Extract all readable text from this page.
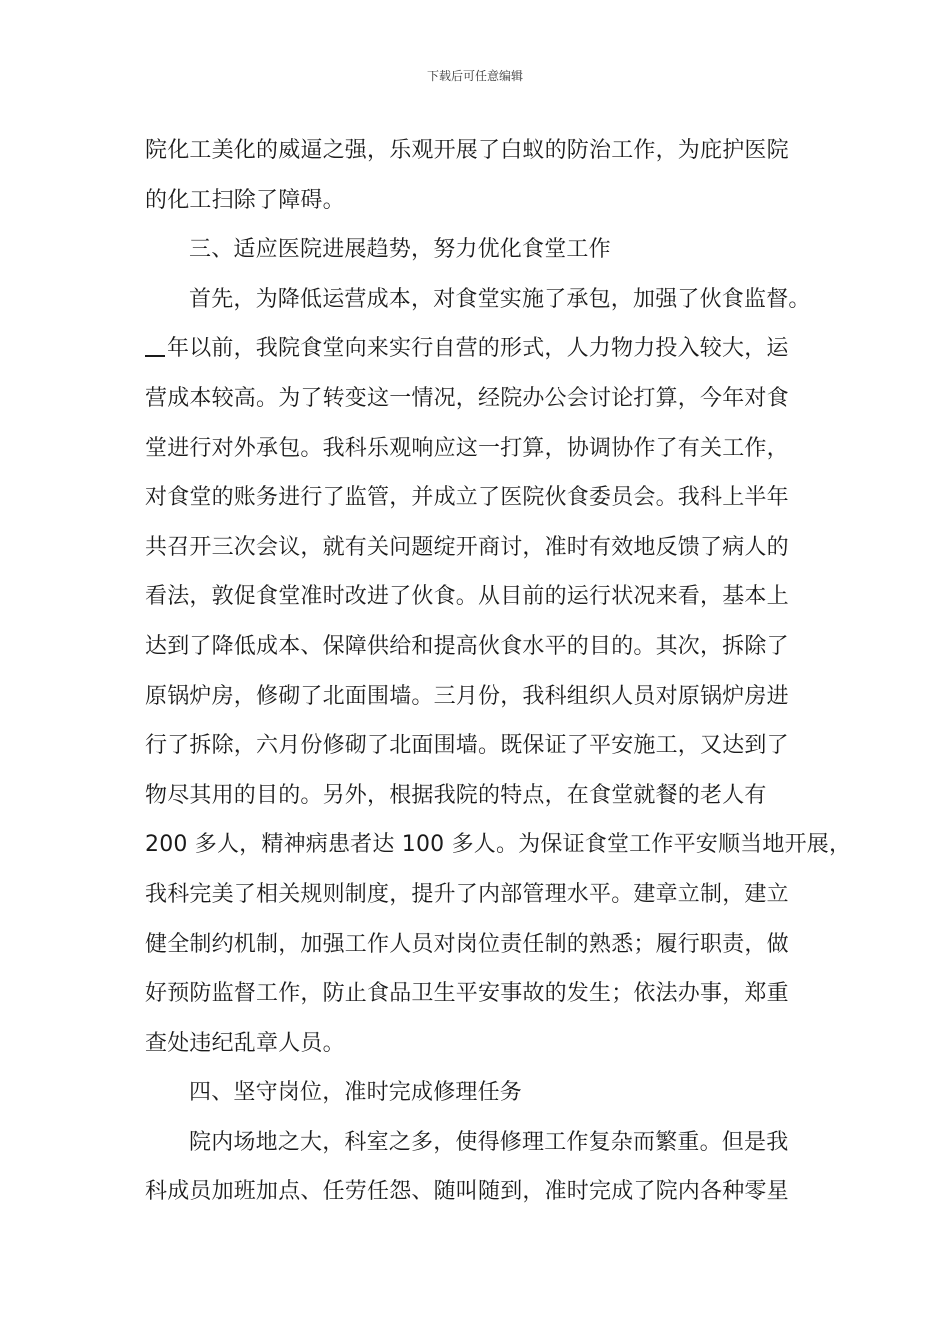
下载后可任意编辑
院化工美化的威逼之强，乐观开展了白蚁的防治工作，为庇护医院
的化工扫除了障碍。
三、适应医院进展趋势，努力优化食堂工作
首先，为降低运营成本，对食堂实施了承包，加强了伙食监督。
年以前，我院食堂向来实行自营的形式，人力物力投入较大，运
营成本较高。为了转变这一情况，经院办公会讨论打算，今年对食
堂进行对外承包。我科乐观响应这一打算，协调协作了有关工作，
对食堂的账务进行了监管，并成立了医院伙食委员会。我科上半年
共召开三次会议，就有关问题绽开商讨，准时有效地反馈了病人的
看法，敦促食堂准时改进了伙食。从目前的运行状况来看，基本上
达到了降低成本、保障供给和提高伙食水平的目的。其次，拆除了
原锅炉房，修砌了北面围墙。三月份，我科组织人员对原锅炉房进
行了拆除，六月份修砌了北面围墙。既保证了平安施工，又达到了
物尽其用的目的。另外，根据我院的特点，在食堂就餐的老人有
200 多人，精神病患者达 100 多人。为保证食堂工作平安顺当地开展，
我科完美了相关规则制度，提升了内部管理水平。建章立制，建立
健全制约机制，加强工作人员对岗位责任制的熟悉；履行职责，做
好预防监督工作，防止食品卫生平安事故的发生；依法办事，郑重
查处违纪乱章人员。
四、坚守岗位，准时完成修理任务
院内场地之大，科室之多，使得修理工作复杂而繁重。但是我
科成员加班加点、任劳任怨、随叫随到，准时完成了院内各种零星
